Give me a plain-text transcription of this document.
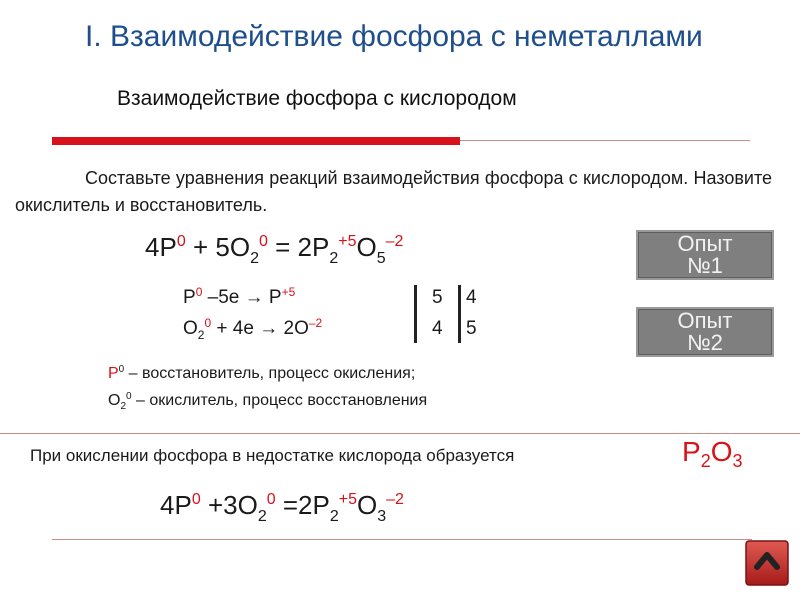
I. Взаимодействие фосфора с неметаллами
Взаимодействие фосфора с кислородом
Составьте уравнения реакций взаимодействия фосфора с кислородом. Назовите окислитель и восстановитель.
$4P^0 + 5O_2^0 = 2P_2^{+5}O_5^{-2}$
$P^0$ $-5e \to P^{+5}$
$O_2^0 + 4e \to 2O^{-2}$
5
4
4
5
Опыт
№1
Опыт
№2
$P^0$ – восстановитель, процесс окисления;
$O_2^0$ – окислитель, процесс восстановления
При окислении фосфора в недостатке кислорода образуется	$P_2O_3$
$4P^0 +3O_2^0 =2P_2^{+5}O_3^{-2}$
